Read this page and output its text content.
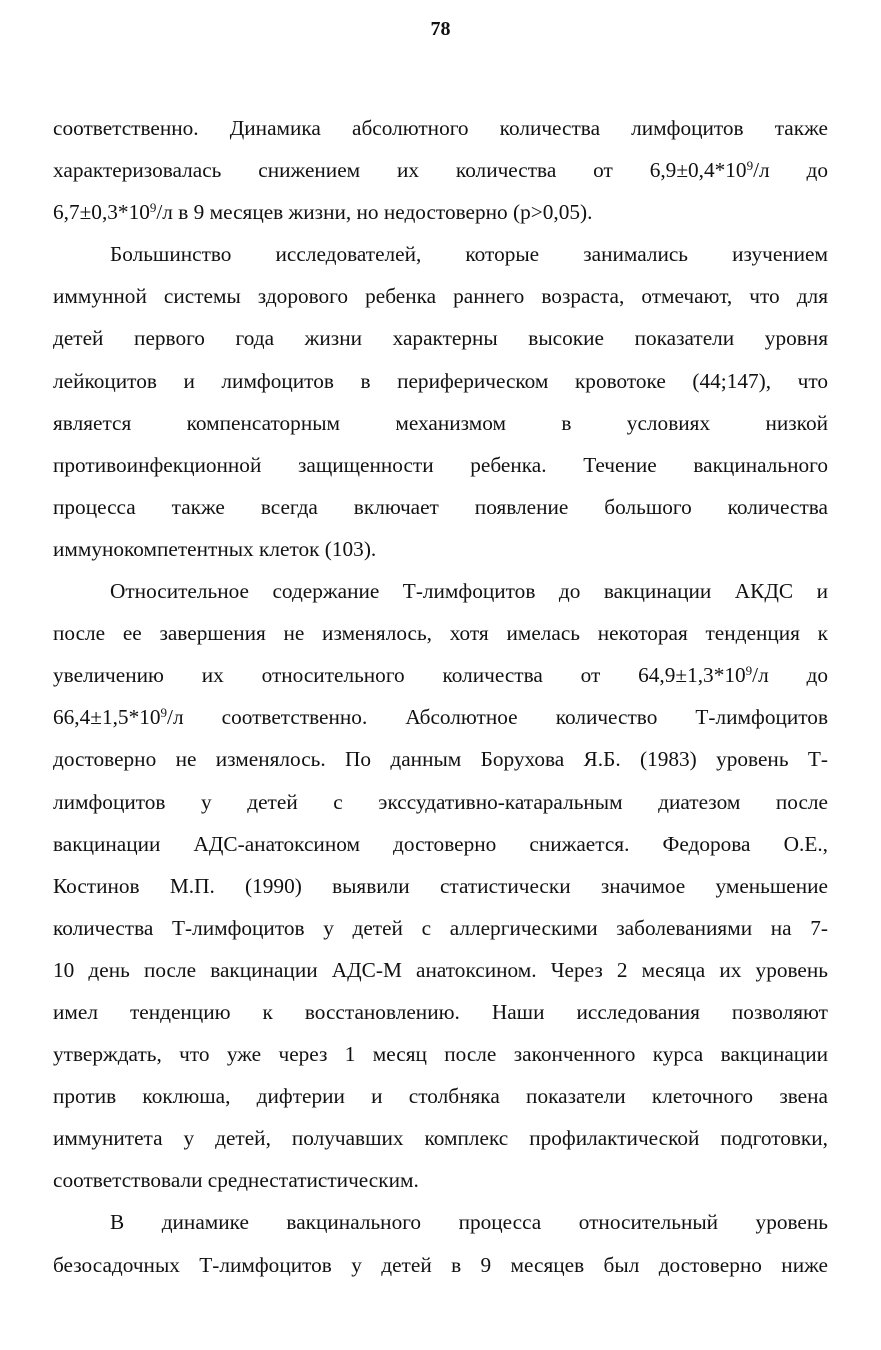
78

соответственно. Динамика абсолютного количества лимфоцитов также
характеризовалась снижением их количества от $6,9\pm 0,4*10^9/л$ до
$6,7\pm 0,3*10^9/л$ в 9 месяцев жизни, но недостоверно (р>0,05).

Большинство исследователей, которые занимались изучением
иммунной системы здорового ребенка раннего возраста, отмечают, что для
детей первого года жизни характерны высокие показатели уровня
лейкоцитов и лимфоцитов в периферическом кровотоке (44;147), что
является компенсаторным механизмом в условиях низкой
противоинфекционной защищенности ребенка. Течение вакцинального
процесса также всегда включает появление большого количества
иммунокомпетентных клеток (103).

Относительное содержание Т-лимфоцитов до вакцинации АКДС и
после ее завершения не изменялось, хотя имелась некоторая тенденция к
увеличению их относительного количества от $64,9\pm 1,3*10^9/л$ до
$66,4\pm 1,5*10^9/л$ соответственно. Абсолютное количество Т-лимфоцитов
достоверно не изменялось. По данным Борухова Я.Б. (1983) уровень Т-
лимфоцитов у детей с экссудативно-катаральным диатезом после
вакцинации АДС-анатоксином достоверно снижается. Федорова О.Е.,
Костинов М.П. (1990) выявили статистически значимое уменьшение
количества Т-лимфоцитов у детей с аллергическими заболеваниями на 7-
10 день после вакцинации АДС-М анатоксином. Через 2 месяца их уровень
имел тенденцию к восстановлению. Наши исследования позволяют
утверждать, что уже через 1 месяц после законченного курса вакцинации
против коклюша, дифтерии и столбняка показатели клеточного звена
иммунитета у детей, получавших комплекс профилактической подготовки,
соответствовали среднестатистическим.

В динамике вакцинального процесса относительный уровень
безосадочных Т-лимфоцитов у детей в 9 месяцев был достоверно ниже
